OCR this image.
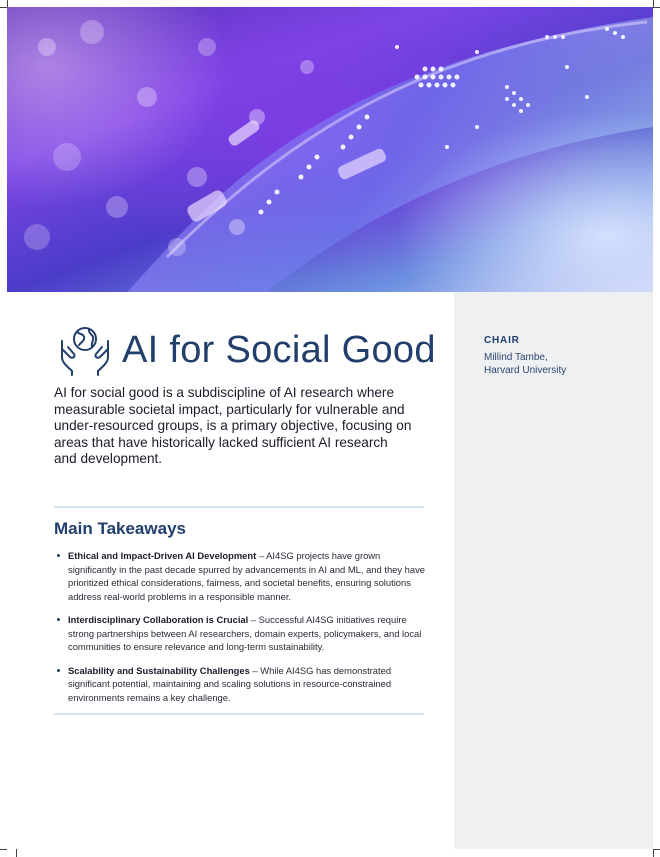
CHAIR
Millind Tambe,
Harvard University
AI for Social Good
AI for social good is a subdiscipline of AI research where measurable societal impact, particularly for vulnerable and under-resourced groups, is a primary objective, focusing on areas that have historically lacked sufficient AI research and development.
Main Takeaways
Ethical and Impact-Driven AI Development – AI4SG projects have grown significantly in the past decade spurred by advancements in AI and ML, and they have prioritized ethical considerations, fairness, and societal benefits, ensuring solutions address real-world problems in a responsible manner.
Interdisciplinary Collaboration is Crucial – Successful AI4SG initiatives require strong partnerships between AI researchers, domain experts, policymakers, and local communities to ensure relevance and long-term sustainability.
Scalability and Sustainability Challenges – While AI4SG has demonstrated significant potential, maintaining and scaling solutions in resource-constrained environments remains a key challenge.
